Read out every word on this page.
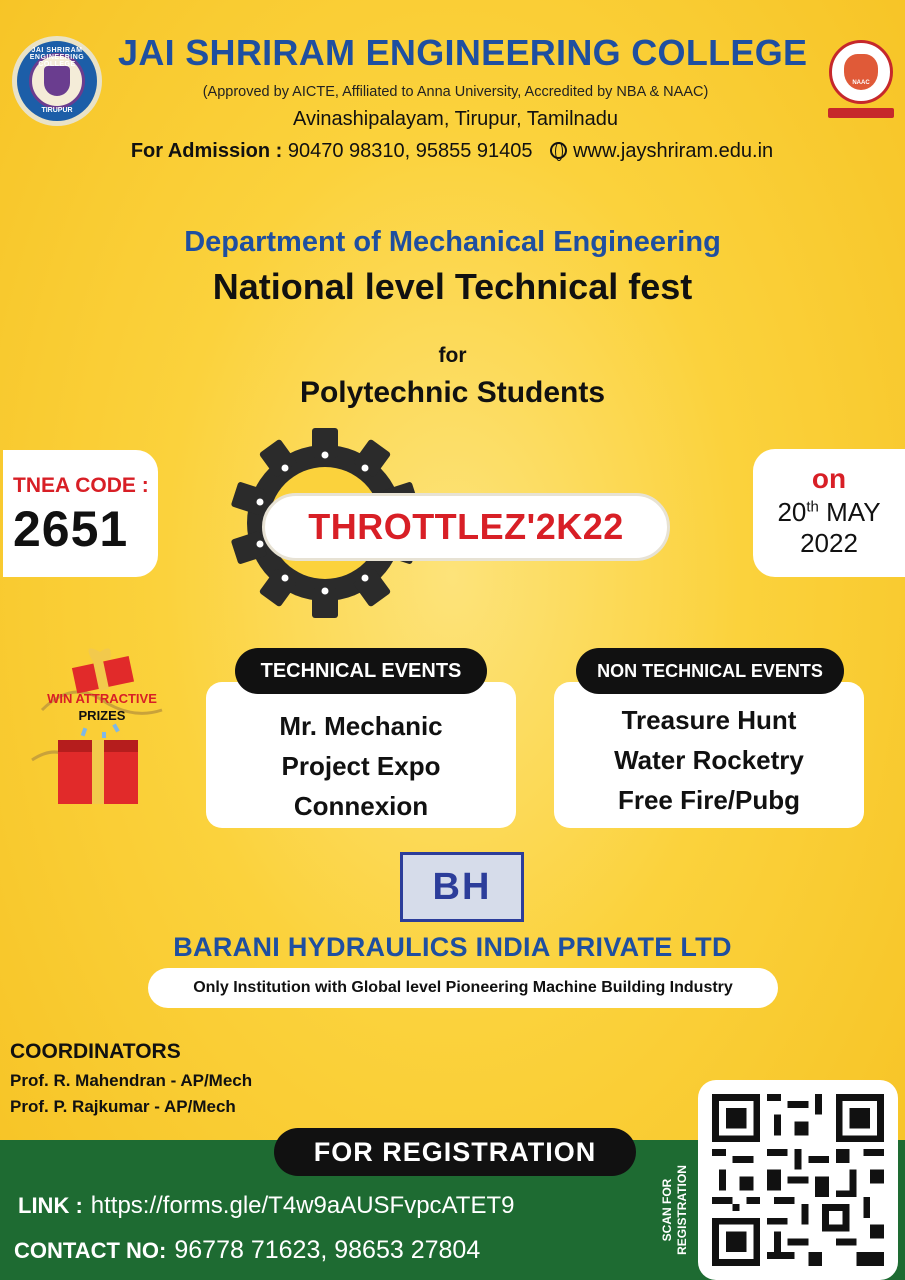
JAI SHRIRAM ENGINEERING COLLEGE
TIRUPUR
JAI SHRIRAM ENGINEERING COLLEGE
(Approved by AICTE, Affiliated to Anna University, Accredited by NBA & NAAC)
Avinashipalayam, Tirupur, Tamilnadu
For Admission : 90470 98310, 95855 91405 www.jayshriram.edu.in
NAAC
Department of Mechanical Engineering
National level Technical fest
for
Polytechnic Students
TNEA CODE :
2651
on
20th MAY
2022
THROTTLEZ'2K22
WIN ATTRACTIVE
PRIZES	Mr. Mechanic
Project Expo
Connexion
TECHNICAL EVENTS
Treasure Hunt
Water Rocketry
Free Fire/Pubg
NON TECHNICAL EVENTS
BH
BARANI HYDRAULICS INDIA PRIVATE LTD
Only Institution with Global level Pioneering Machine Building Industry
COORDINATORS
Prof. R. Mahendran - AP/Mech
Prof. P. Rajkumar - AP/Mech
FOR REGISTRATION
LINK : https://forms.gle/T4w9aAUSFvpcATET9
CONTACT NO: 96778 71623, 98653 27804
SCAN FOR
REGISTRATION
